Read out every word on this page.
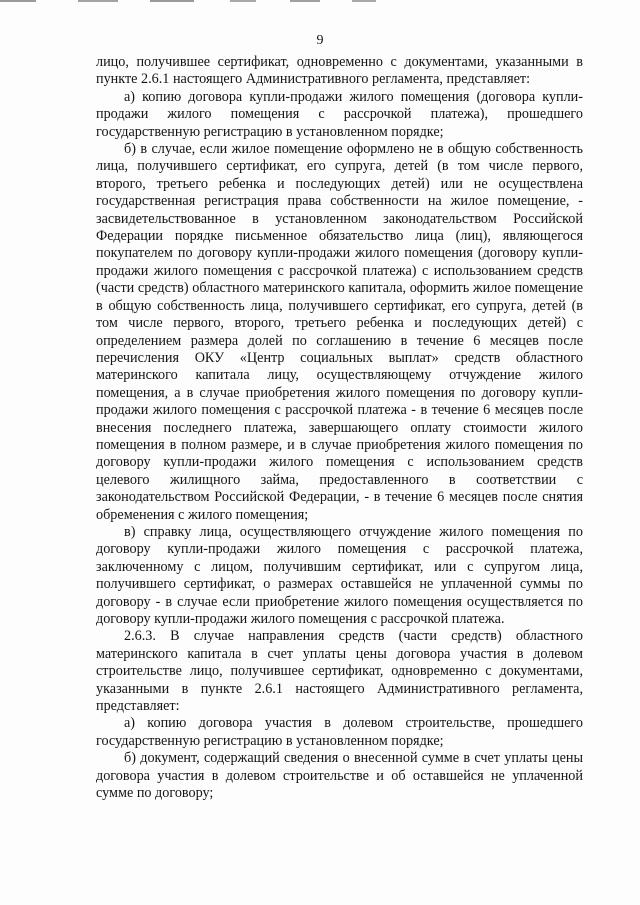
9

лицо, получившее сертификат, одновременно с документами, указанными в пункте 2.6.1 настоящего Административного регламента, представляет:

а) копию договора купли-продажи жилого помещения (договора купли-продажи жилого помещения с рассрочкой платежа), прошедшего государственную регистрацию в установленном порядке;

б) в случае, если жилое помещение оформлено не в общую собственность лица, получившего сертификат, его супруга, детей (в том числе первого, второго, третьего ребенка и последующих детей) или не осуществлена государственная регистрация права собственности на жилое помещение, - засвидетельствованное в установленном законодательством Российской Федерации порядке письменное обязательство лица (лиц), являющегося покупателем по договору купли-продажи жилого помещения (договору купли-продажи жилого помещения с рассрочкой платежа) с использованием средств (части средств) областного материнского капитала, оформить жилое помещение в общую собственность лица, получившего сертификат, его супруга, детей (в том числе первого, второго, третьего ребенка и последующих детей) с определением размера долей по соглашению в течение 6 месяцев после перечисления ОКУ «Центр социальных выплат» средств областного материнского капитала лицу, осуществляющему отчуждение жилого помещения, а в случае приобретения жилого помещения по договору купли-продажи жилого помещения с рассрочкой платежа - в течение 6 месяцев после внесения последнего платежа, завершающего оплату стоимости жилого помещения в полном размере, и в случае приобретения жилого помещения по договору купли-продажи жилого помещения с использованием средств целевого жилищного займа, предоставленного в соответствии с законодательством Российской Федерации, - в течение 6 месяцев после снятия обременения с жилого помещения;

в) справку лица, осуществляющего отчуждение жилого помещения по договору купли-продажи жилого помещения с рассрочкой платежа, заключенному с лицом, получившим сертификат, или с супругом лица, получившего сертификат, о размерах оставшейся не уплаченной суммы по договору - в случае если приобретение жилого помещения осуществляется по договору купли-продажи жилого помещения с рассрочкой платежа.

2.6.3. В случае направления средств (части средств) областного материнского капитала в счет уплаты цены договора участия в долевом строительстве лицо, получившее сертификат, одновременно с документами, указанными в пункте 2.6.1 настоящего Административного регламента, представляет:

а) копию договора участия в долевом строительстве, прошедшего государственную регистрацию в установленном порядке;

б) документ, содержащий сведения о внесенной сумме в счет уплаты цены договора участия в долевом строительстве и об оставшейся не уплаченной сумме по договору;
